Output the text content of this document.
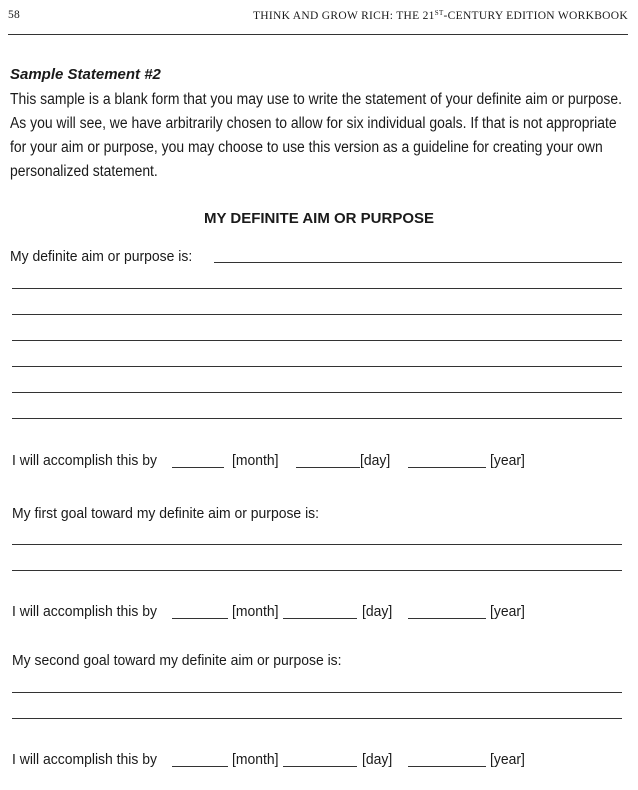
58	THINK AND GROW RICH: THE 21ST-CENTURY EDITION WORKBOOK
Sample Statement #2
This sample is a blank form that you may use to write the statement of your definite aim or purpose. As you will see, we have arbitrarily chosen to allow for six individual goals. If that is not appropriate for your aim or purpose, you may choose to use this version as a guideline for creating your own personalized statement.
MY DEFINITE AIM OR PURPOSE
My definite aim or purpose is:
I will accomplish this by	[month]	[day]	[year]
My first goal toward my definite aim or purpose is:
I will accomplish this by	[month]	[day]	[year]
My second goal toward my definite aim or purpose is:
I will accomplish this by	[month]	[day]	[year]
